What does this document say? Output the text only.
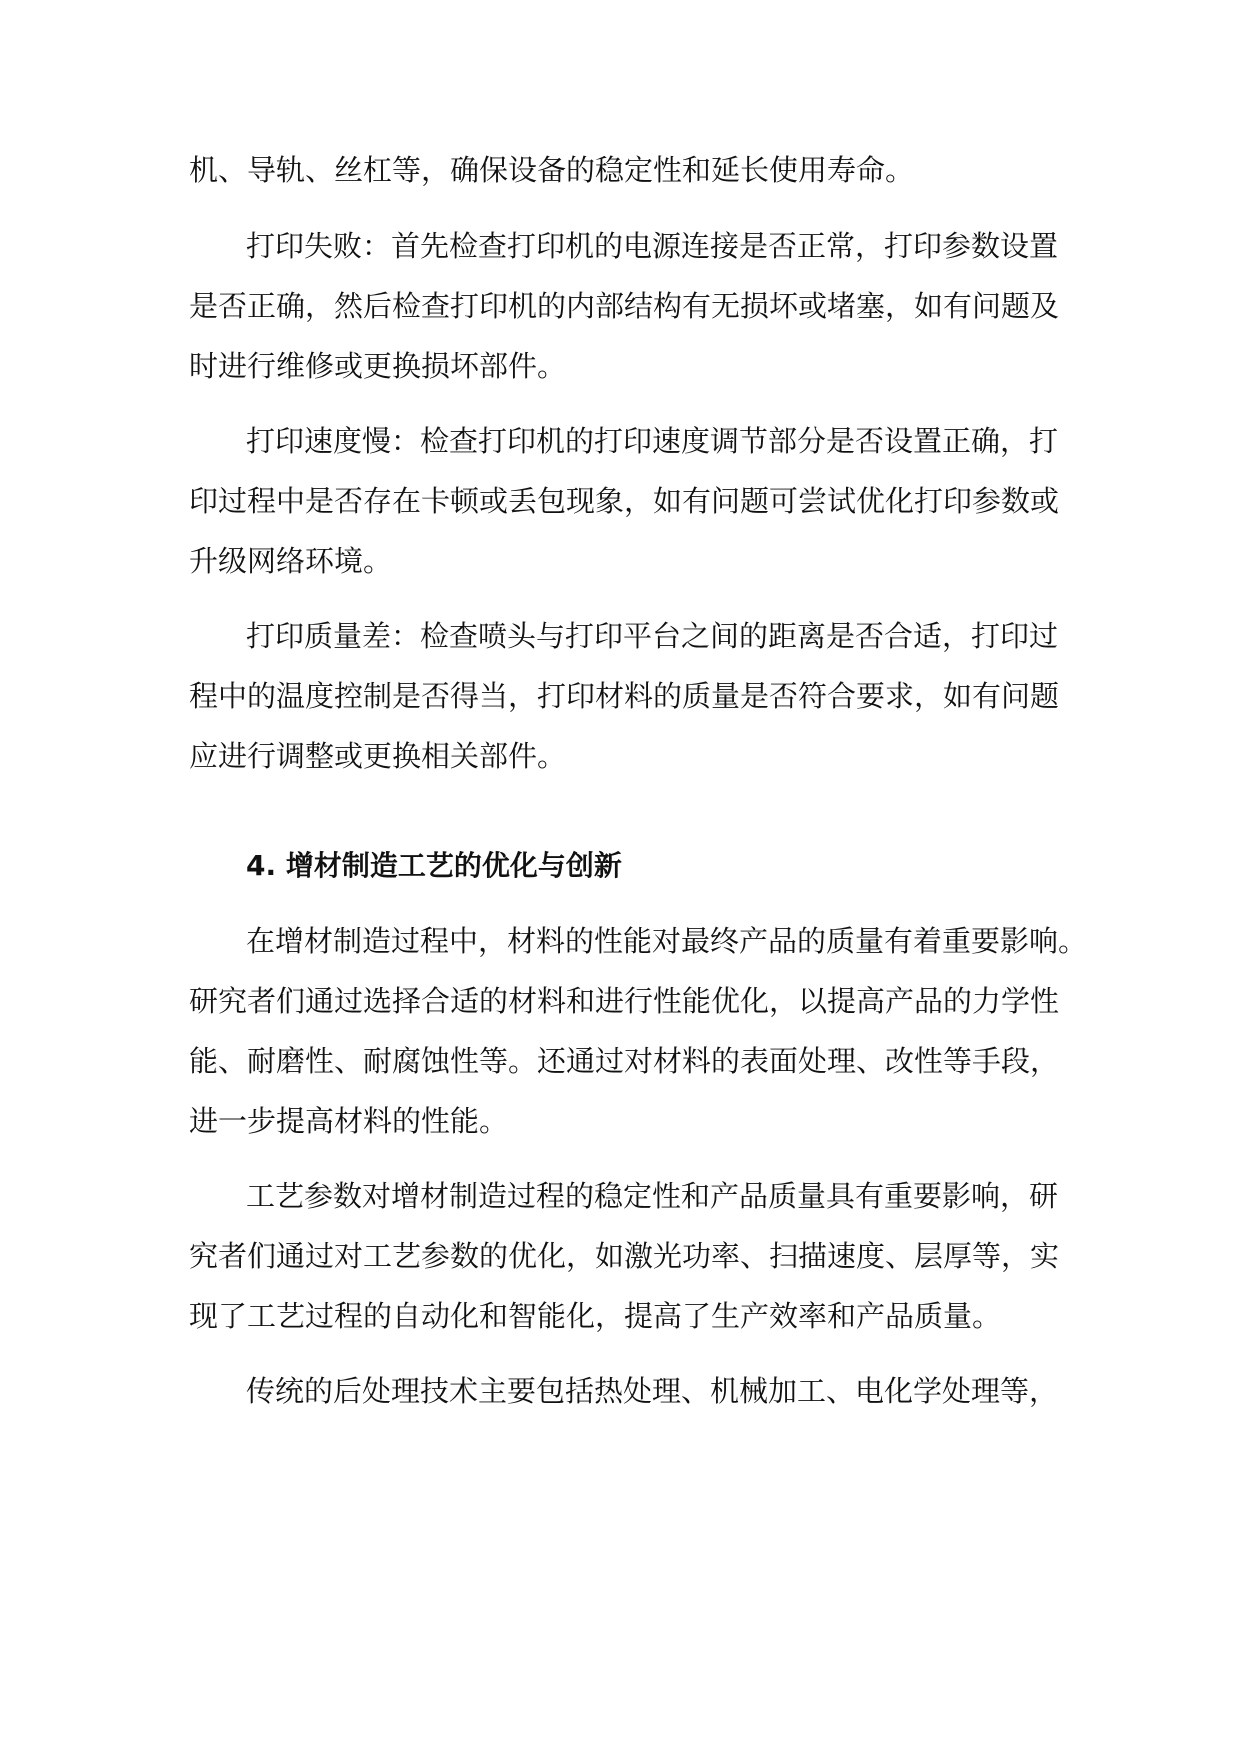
机、导轨、丝杠等，确保设备的稳定性和延长使用寿命。
打印失败：首先检查打印机的电源连接是否正常，打印参数设置
是否正确，然后检查打印机的内部结构有无损坏或堵塞，如有问题及
时进行维修或更换损坏部件。
打印速度慢：检查打印机的打印速度调节部分是否设置正确，打
印过程中是否存在卡顿或丢包现象，如有问题可尝试优化打印参数或
升级网络环境。
打印质量差：检查喷头与打印平台之间的距离是否合适，打印过
程中的温度控制是否得当，打印材料的质量是否符合要求，如有问题
应进行调整或更换相关部件。
4. 增材制造工艺的优化与创新
在增材制造过程中，材料的性能对最终产品的质量有着重要影响。
研究者们通过选择合适的材料和进行性能优化，以提高产品的力学性
能、耐磨性、耐腐蚀性等。还通过对材料的表面处理、改性等手段，
进一步提高材料的性能。
工艺参数对增材制造过程的稳定性和产品质量具有重要影响，研
究者们通过对工艺参数的优化，如激光功率、扫描速度、层厚等，实
现了工艺过程的自动化和智能化，提高了生产效率和产品质量。
传统的后处理技术主要包括热处理、机械加工、电化学处理等，
